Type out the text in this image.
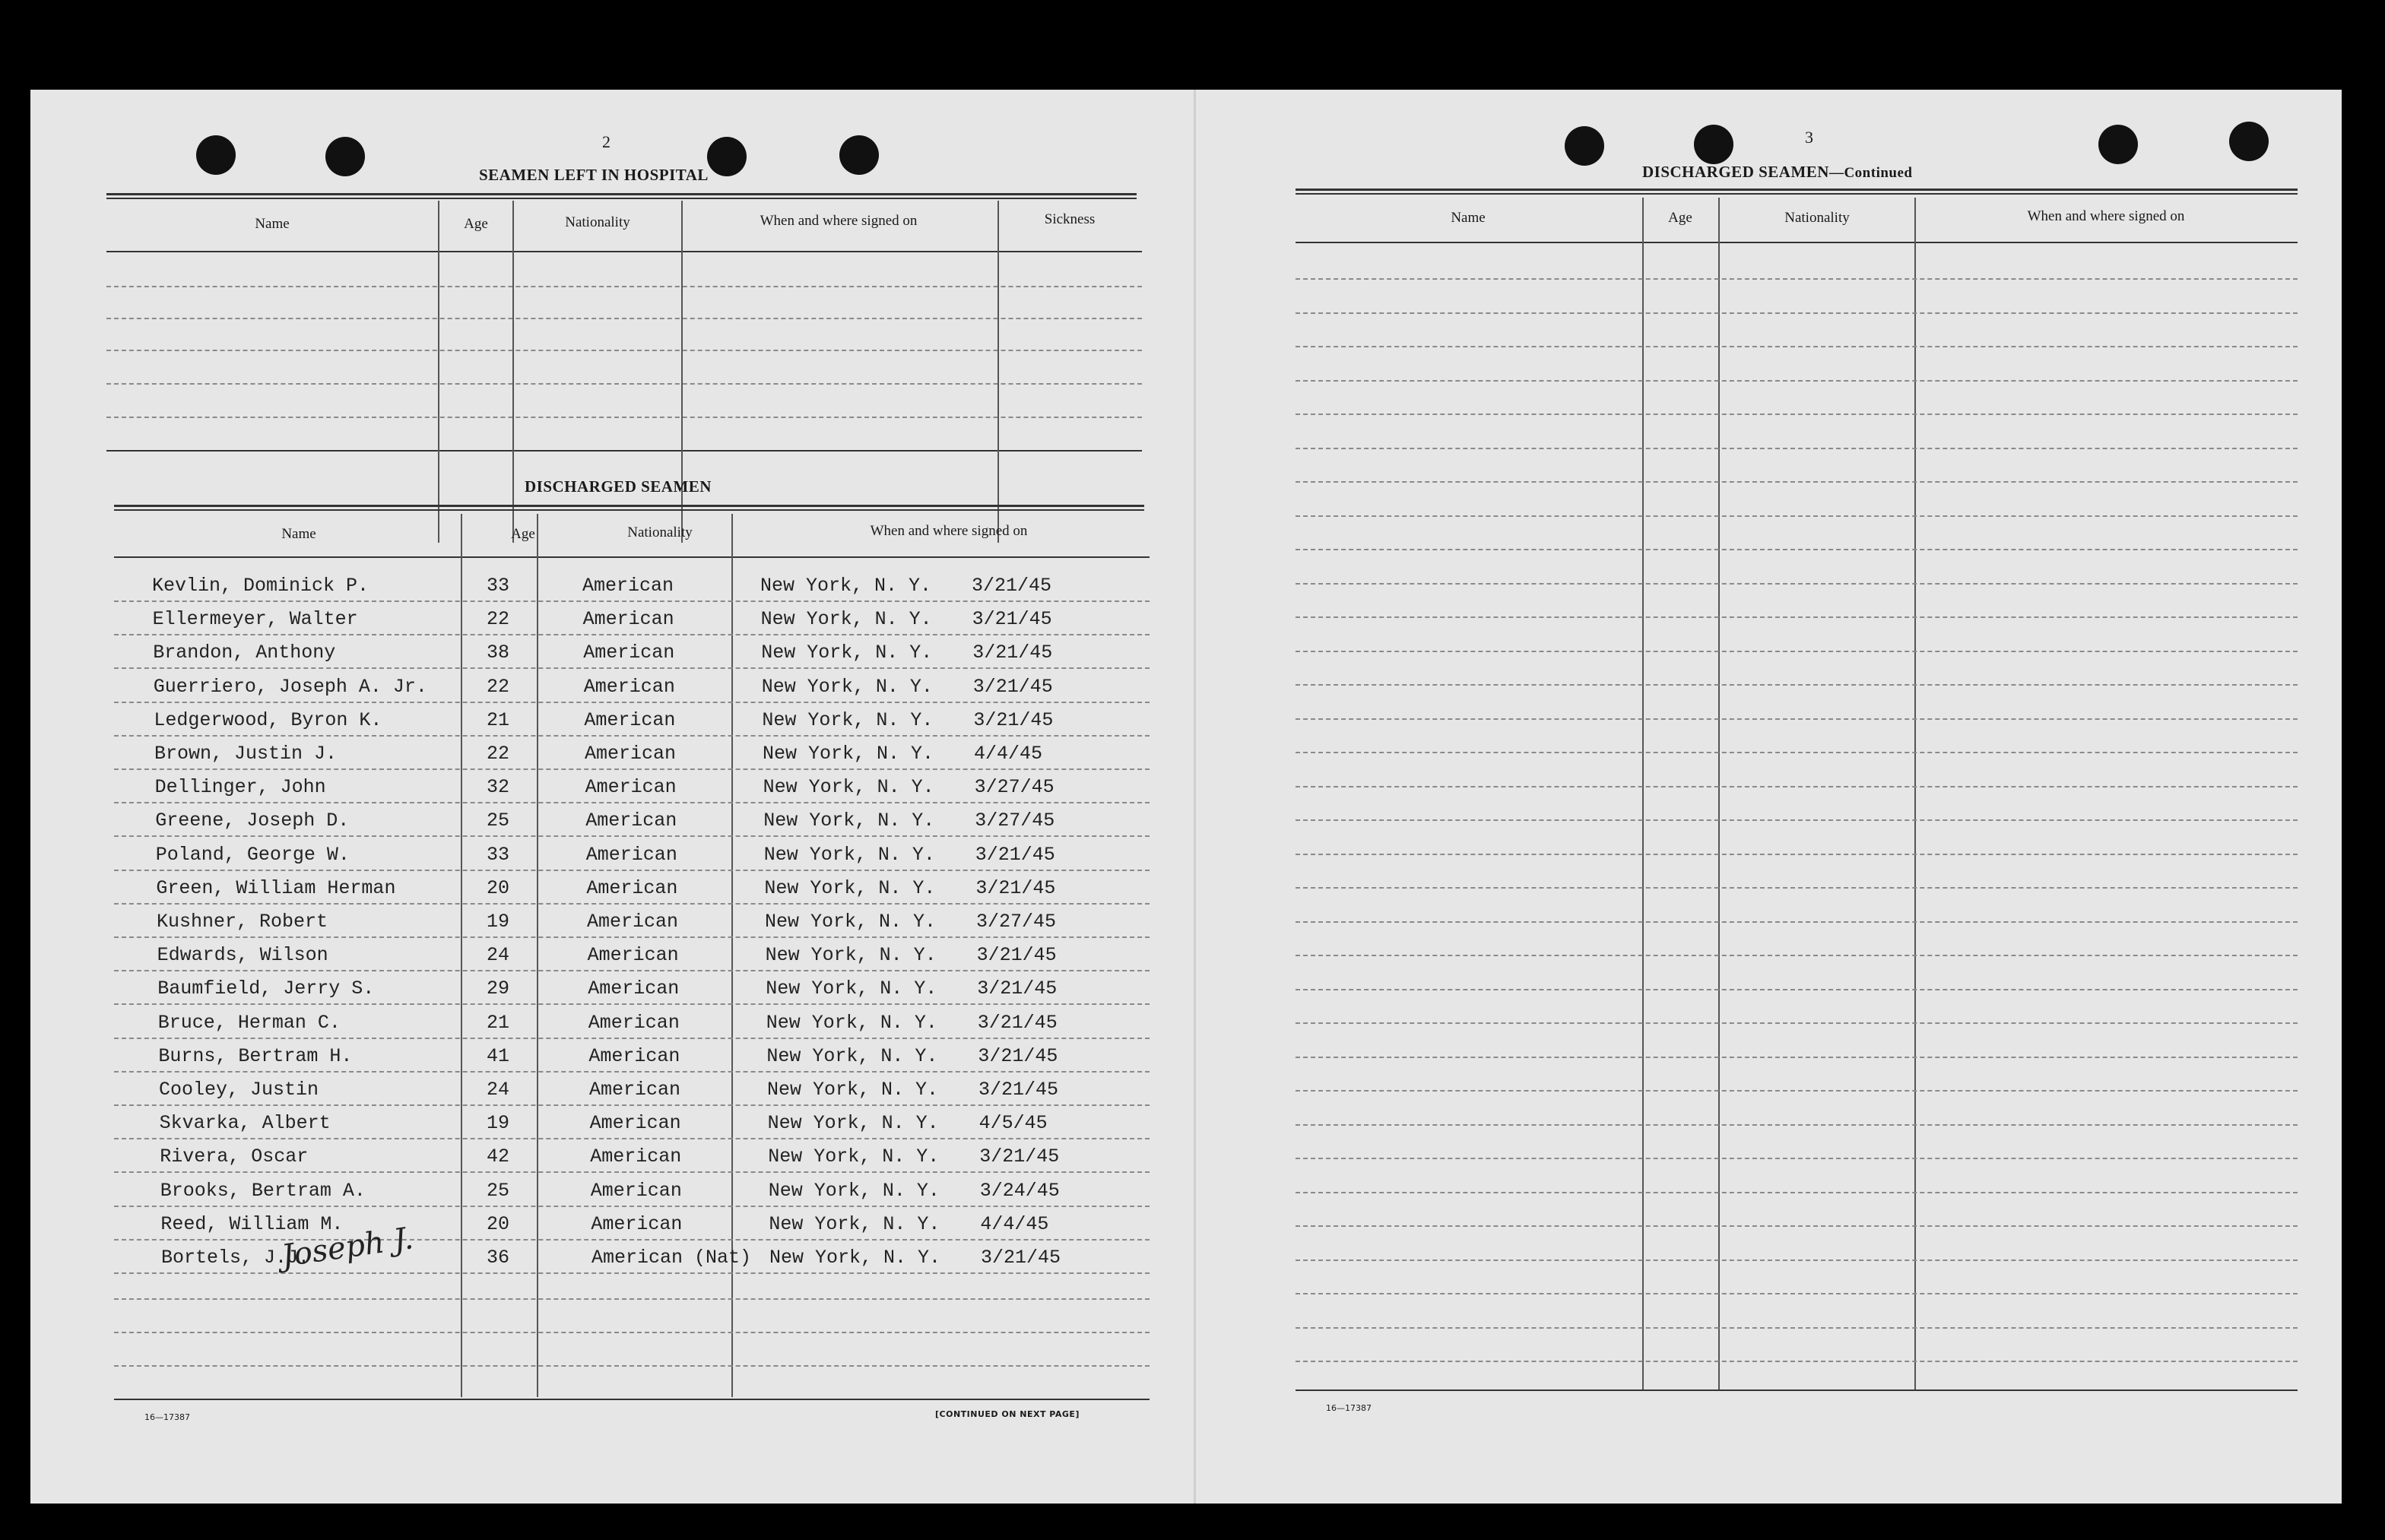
2
SEAMEN LEFT IN HOSPITAL
Name	Age	Nationality	When and where signed on	Sickness
DISCHARGED SEAMEN
Name	Age	Nationality	When and where signed on
Kevlin, Dominick P.	33	American	New York, N. Y. 3/21/45
Ellermeyer, Walter	22	American	New York, N. Y. 3/21/45
Brandon, Anthony	38	American	New York, N. Y. 3/21/45
Guerriero, Joseph A. Jr.	22	American	New York, N. Y. 3/21/45
Ledgerwood, Byron K.	21	American	New York, N. Y. 3/21/45
Brown, Justin J.	22	American	New York, N. Y. 4/4/45
Dellinger, John	32	American	New York, N. Y. 3/27/45
Greene, Joseph D.	25	American	New York, N. Y. 3/27/45
Poland, George W.	33	American	New York, N. Y. 3/21/45
Green, William Herman	20	American	New York, N. Y. 3/21/45
Kushner, Robert	19	American	New York, N. Y. 3/27/45
Edwards, Wilson	24	American	New York, N. Y. 3/21/45
Baumfield, Jerry S.	29	American	New York, N. Y. 3/21/45
Bruce, Herman C.	21	American	New York, N. Y. 3/21/45
Burns, Bertram H.	41	American	New York, N. Y. 3/21/45
Cooley, Justin	24	American	New York, N. Y. 3/21/45
Skvarka, Albert	19	American	New York, N. Y. 4/5/45
Rivera, Oscar	42	American	New York, N. Y. 3/21/45
Brooks, Bertram A.	25	American	New York, N. Y. 3/24/45
Reed, William M.	20	American	New York, N. Y. 4/4/45
Bortels, J.J.	36	American (Nat) New York, N. Y. 3/21/45
Joseph J.
16—17387	[CONTINUED ON NEXT PAGE]
3
DISCHARGED SEAMEN—Continued
Name	Age	Nationality	When and where signed on
16—17387
